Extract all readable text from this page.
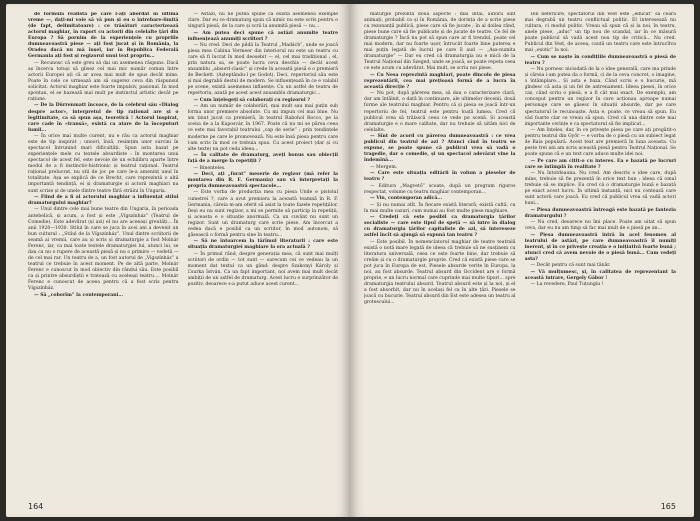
de formulă realistă pe care l-ați abordat în ultima vreme —, dați-mi voie să vă pun și eu o întrebare-limită (de fapt, delimitatoare) : ce trăsături caracterizează actorul maghiar, în raport cu actorii din celelalte țări din Europa ? Să pornim de la experiențele cu propriile dumneavoastră piese — ați fost jucat și în România, la Oradea dacă nu mă înșel, iar în Republica Federală Germania ați fost și regizorul unui text propriu...

— Recunosc că este greu să dai un asemenea răspuns. Dacă aș încerca totuși să glisez cel mai mic număr comun între actorii Europei ați că ar avea mai mult de spus decât mine. Poate în cele ce urmează am să sugerez ceva din răspunsul solicitat. Actorul maghiar este foarte impulsiv, pasional. În mod spontan, el se bazează mai mult pe instinctul artistic decât pe rațiune.

— De la Dürrenmatt încoace, de la celebrul său «Dialog despre actor», interpretul de tip rațional are și o legitimitate, ca să spun așa, teoretică ! Actorul inspirat, care cade în «transă», există ca atare de la începuturi lumii...

— În orice mai multe curent, nu e rău ca actorul maghiar este de tip inspirat ; unoori, însă, resimțim unor surcini în spectacol întrunind mari dificultăți. Spun asta bazat pe experiențele mele cu textele absurdiste : în montarea unui spectacol de acest fel, este nevoie de un echilibru aparte între modul de a fi instinctiv-histrionic și teatrul rațional. Teatrul rațional prelucrat, nu știi de joc pe care le-a ameninț unul în totalitate. Așa se explică de ce Brecht, care reprezintă o altă importantă tendință, ei și dramaturgie și actorii maghiari nu sunt scrise și de unele dintre teatre fără străini în Ungaria.

— Fiind de a fi al actorului maghiar a influențat stilul dramaturgului maghiar?

— Unul dintre cele mai bune teatre din Ungaria, în perioada antebelică, și acum, a fost și este „Vígszínház” (Teatrul de Comedie). Este adevărat (și azi) el nu are aceeași greutăți... În anii 1920—1930. Stilul în care se juca în acei ani a devenit un bun cultural : „Stilul de la Vígszínház”. Unul dintre scriitorii de seamă ai vremii, care au și scris și dramaturgie a fost Molnár Ferenc, iar, ca mai toate textele dramaturgiei lui, atunci lui, se dau ca nu o rupere de această piesă și nu o primire — vedetă — de cel mai rar. Un teatru de a, un fost autorul de „Vígszínház” a teatrul ce trebuie în acest moment. Pe de altă parte, Molnár Ferenc e cunoscut în mod obiectiv din rândul său. Este posibil ca și printre absurdiștii e tratează cu aceleași teatru.... Molnár Ferenc e cunoscut de aceea pentru că a fost scris pentru Vígszínház.

— Să „coborîm” la contemporani...

— Astăzi, nu ne putea spune că există asemenea exemple clare. Dar eu ce dramaturg spun că nimic nu este scris pentru o singură piesă, de la care și scrii la anumită piesă — nu...

— Am putea deci spune că astăzi anumite teatre influențează anumiți scriitori ?

— Nu cred. Deci de pildă la Teatrul „Madách”, unde se joacă piesa mea Cabina Vermeer din interiorul nu este un teatru cu care să fi lucrat în mod deosebit — el, cel mai tradițional ; el, prin natura sa, se poate lucra ceva deschis — decât acest ansamblu „absurd-clasic” și crede în această piesă e o premieră de Beckett. (Așteptându-l pe Godot). Deci, repertoriul său este și mai degrabă destul de modern. Se influențează în ce e valabil pe scene, există asemenea influențe. Cu un astfel de teatru de repertoriu, axată pe acest acest ansamblu dramaturgic...

— Cum înțelegeți să colaborați cu regizorul ?

— Am un număr de colaborări, mai mult sau mai puțin sub forma unor premiere absolute. Cu mi impun cel mai bine. Nu am ținut jucat ca premieră, în teatrul Rabohol Rocco, pe la scena de a la Kaposvár, în 1967. Poate că nu mi se părea ceea ce este mai favorabil teatrului „cap de serie” ; prin tendințele moderne pe care le promovează. Nu este însă piesa pentru care l-am scris în mod ce trebuia spus. Cu acest proiect (dar și cu alte texte) nu pot ceda ideea...

— În calitate de dramaturg, aveți bonus sau obiecții față de a merge la repetiții ?

— Binenteles.

— Deci, ați „furat” meserie de regizor (mă refer la montarea din R. F. Germania) sau vă interpretați la propria dumneavoastră spectacole...

— Este vorba de producția mea cu piesa Unde e pistolul cumetrei ?, care a avut premiera la această toamnă în R. F. Germania, căreia m-am oferit să asist la toate fazele repetițiilor. Deși eu nu sunt regizor, a mi se permite să particip la repetiții, și aceasta e o situație anormală. Ca un cuvânt nu sunt un regizor. Sunt un dramaturg care scrie piese. Am încercat a vedea dacă e posibil ca un scriitor, în mod autonom, să găsească o formă pentru sine în teatru...

— Să ne întoarcem la tărîmul literaturii : care este situația dramaturgiei maghiare la ora actuală ?

— În primul rând, despre generația mea, că sunt mai mulți scriitori de ordin — tot sunt — oarecum cei ce vedeau la un moment dat textul ca un gând: despre Szakonyi Károly și Csurka István. Ca un fapt important, noi avem mai mult decât ambiții de un astfel de dramaturg. Acest lucru e surprinzător de pozitiv, deoarece s-a putut aduce acest curent...

164

maturgie prezintă două aspecte : mai întâi, autorii sînt animați, probabil ca și în România, de dorința de a scrie piese cu rezonanță publică, piese care să fie jucate ; în al doilea rând, piese bune care să fie publicate și de jucate de teatre. Ce fel de dramaturgie ? Încă nu pot să spun care ar fi trendul, poate cel mai modern, dar nu foarte ușor, întrucât foarte bine puterea e mai puțin legată de lucrul pe care îl aud — „Așa-numita dramaturgie” — Dar eu cred că dramaturgia nu e mică de la Teatrul Național din Szeged, unde se joacă, se poate repeta ceea ce este acum cu adevărat. Mai mult, se scriu noi piese.

— Cu Nesa reprezintă maghiari, poate dincolo de piesa reprezentării, cea mai prețioasă formă de a lucra în această direcție ?

— Nu pot, după părerea mea, să dau o caracterizare clară, dar am întâlnit, o dată în continuare, ale ultimelor decenii, două forme ale teatrului maghiar. Pentru că și piesa se joacă într-un repertoriu de fel, teatrul este pentru toată lumea. Cred că publicul vrea să trăiască ceea ce vede pe scenă. Și această dramaturgie e o mare calitate, dar nu trebuie să uităm nici de celelalte.

— Sînt de acord cu părerea dumneavoastră : ce vrea publicul din teatrul de azi ? Atunci cînd în teatru se expune, se poate spune că publicul vrea să vadă o tragedie, dar o comedie, și un spectacol adevărat vine la îndemînă...

— Mergem.

— Care este situația editării în volum a pieselor de teatru ?

— Editura „Magvető” scoate, după un program riguros respectat, volume cu teatru maghiar contemporan...

— Vin, contemporan adică...

— Și nu numai atît. În fiecare există literară, există cultă, cu în mai multe cazuri, cum numai au fost multe piese maghiare.

— Credeți că este posibil ca dramaturgia țărilor socialiste — care este tipul de speță — să intre în dialog cu dramaturgia țărilor capitaliste de azi, să intereseze astfel încît să ajungă să expună tan teatru ?

— Este posibil. În nomenclatorul maghiar de teatre teatrală există o notă mare legată de ideea că trebuie să ne susținem cu literatura universală, ceea ce este foarte bine, dar trebuie să creăm și cu o dramaturgie proprie. Cred că există piese care se pot juca în Europa de est. Piesele absurde verite în Europa, la noi, au fost absurde. Teatrul absurd din Occident are o formă proprie, e un lucru normal care cuprinde mai multe tipuri... spre dramaturgia teatrului absurd. Teatrul absurd este și la noi, și el a fost absorbit, dar nu în același fel ca în alte țări. Piesele se joacă cu bucurie. Teatrul absurd din Est este adesea un teatru al grotescului...

Din nefericire, spectatorul din Vest este „educat” să ceară mai degrabă un teatru conflictual politic. El interesează nu cultura, ci modul politic. Vreau să spun că și la noi, în teatru, unele piese, „aduc” un tip nou de scandal, iar în ce măsură poate publicul să vadă acest nou tip de critică... Nu cred. Publicul din Vest, de aceea, caută un teatru care este întrucîtva mai „exotic” la noi.

— Cum se naște în condițiile dumneavoastră o piesă de teatru ?

— Nu pornesc niciodată de la o idee generală, care ma prinde și căreia i-am putea da o formă, ci de la ceva concret, o imagine, o întâmplare... Și asta e baza. Când scriu e o bucurie, mă gîndesc că asta și un fel de antrenament. Ideea piesei, în orice caz, când scriu o piesă, e a fi cât mai exact. De exemplu, am conceput pentru un regizor în care acționau aproape numai personaje care se găsesc în situații absurde, dar pe care spectatorul le recunoaște. Asta e, poate, ce vreau să spun. Eu văd foarte clar ce vreau să spun. Cred că una dintre cele mai importante cerințe e ca spectatorul să fie implicat...

— Am înțeles, dar, în ce privește piesa pe care ați pregătit-o pentru teatrul din Győr — e vorba de o piesă cu un subiect legat de Baia populară. Acest text are premieră în luna aceasta. Cu peste trei ani am scris această piesă pentru Teatrul Național. Se poate spune că e un text care aduce multe idei noi.

— Pe care am citit-o cu interes. Ea e bazată pe lucruri care se întîmplă în realitate ?

— Nu întotdeauna. Nu cred. Am descris o idee care, după mine, trebuie să fie prezentă în orice text bun : ideea că omul trebuie să se implice. Eu cred că o dramaturgie bună e bazată pe exact acest lucru. În ultimă instanță, nici nu contează care sunt actorii care joacă. Eu cred că publicul vrea să vadă actori buni...

— Piesa dumneavoastră întreagă este bazată pe fantezia dramaturgului ?

— Nu cred, deoarece nu îmi place. Poate am uitat să spun ceva, dar eu nu am timp să fac mai mult de o piesă pe an...

— Piesa dumneavoastră intră în acel fenomen al teatrului de astăzi, pe care dumneavoastră îl numiți inerent, și în ce privește creația e o inițiativă foarte bună ; atunci cred că avem nevoie de o piesă bună... Cum vedeți asta?

— Decât pentru că sunt mai tânăr.

— Vă mulțumesc, și, în calitatea de reprezentant la această intrare, Gergely Gábor !

— La revedere, Paul Tuțungiu !

165
